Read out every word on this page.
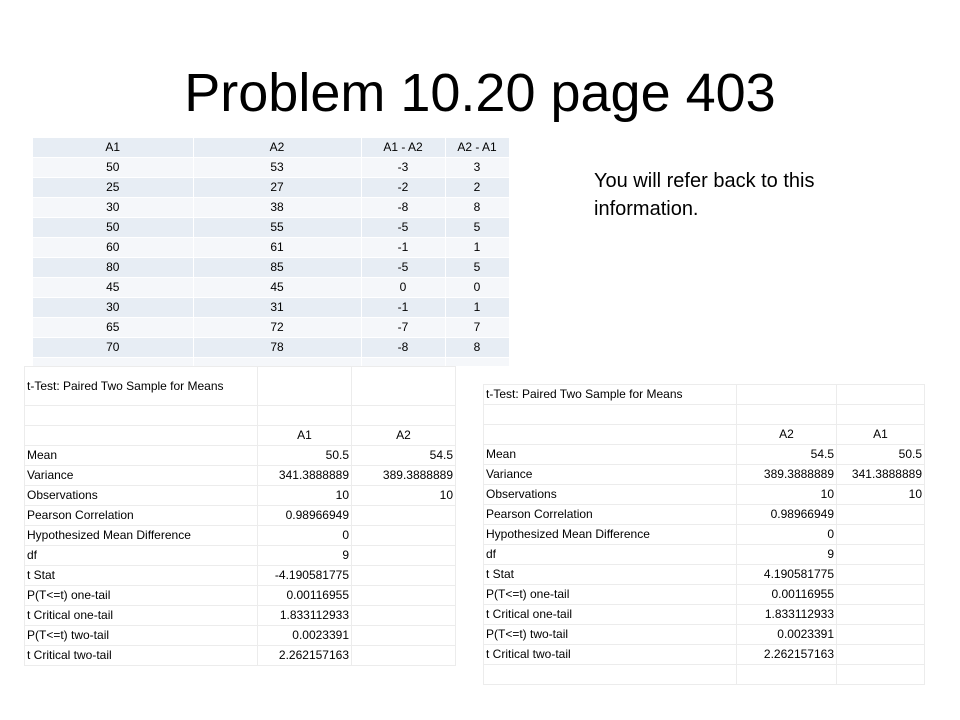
Problem 10.20 page 403
You will refer back to this information.
A1	A2	A1 - A2	A2 - A1
50	53	-3	3
25	27	-2	2
30	38	-8	8
50	55	-5	5
60	61	-1	1
80	85	-5	5
45	45	0	0
30	31	-1	1
65	72	-7	7
70	78	-8	8

t-Test: Paired Two Sample for Means		

	A1	A2
Mean	50.5	54.5
Variance	341.3888889	389.3888889
Observations	10	10
Pearson Correlation	0.98966949	
Hypothesized Mean Difference	0	
df	9	
t Stat	-4.190581775	
P(T<=t) one-tail	0.00116955	
t Critical one-tail	1.833112933	
P(T<=t) two-tail	0.0023391	
t Critical two-tail	2.262157163	
t-Test: Paired Two Sample for Means		

	A2	A1
Mean	54.5	50.5
Variance	389.3888889	341.3888889
Observations	10	10
Pearson Correlation	0.98966949	
Hypothesized Mean Difference	0	
df	9	
t Stat	4.190581775	
P(T<=t) one-tail	0.00116955	
t Critical one-tail	1.833112933	
P(T<=t) two-tail	0.0023391	
t Critical two-tail	2.262157163	
